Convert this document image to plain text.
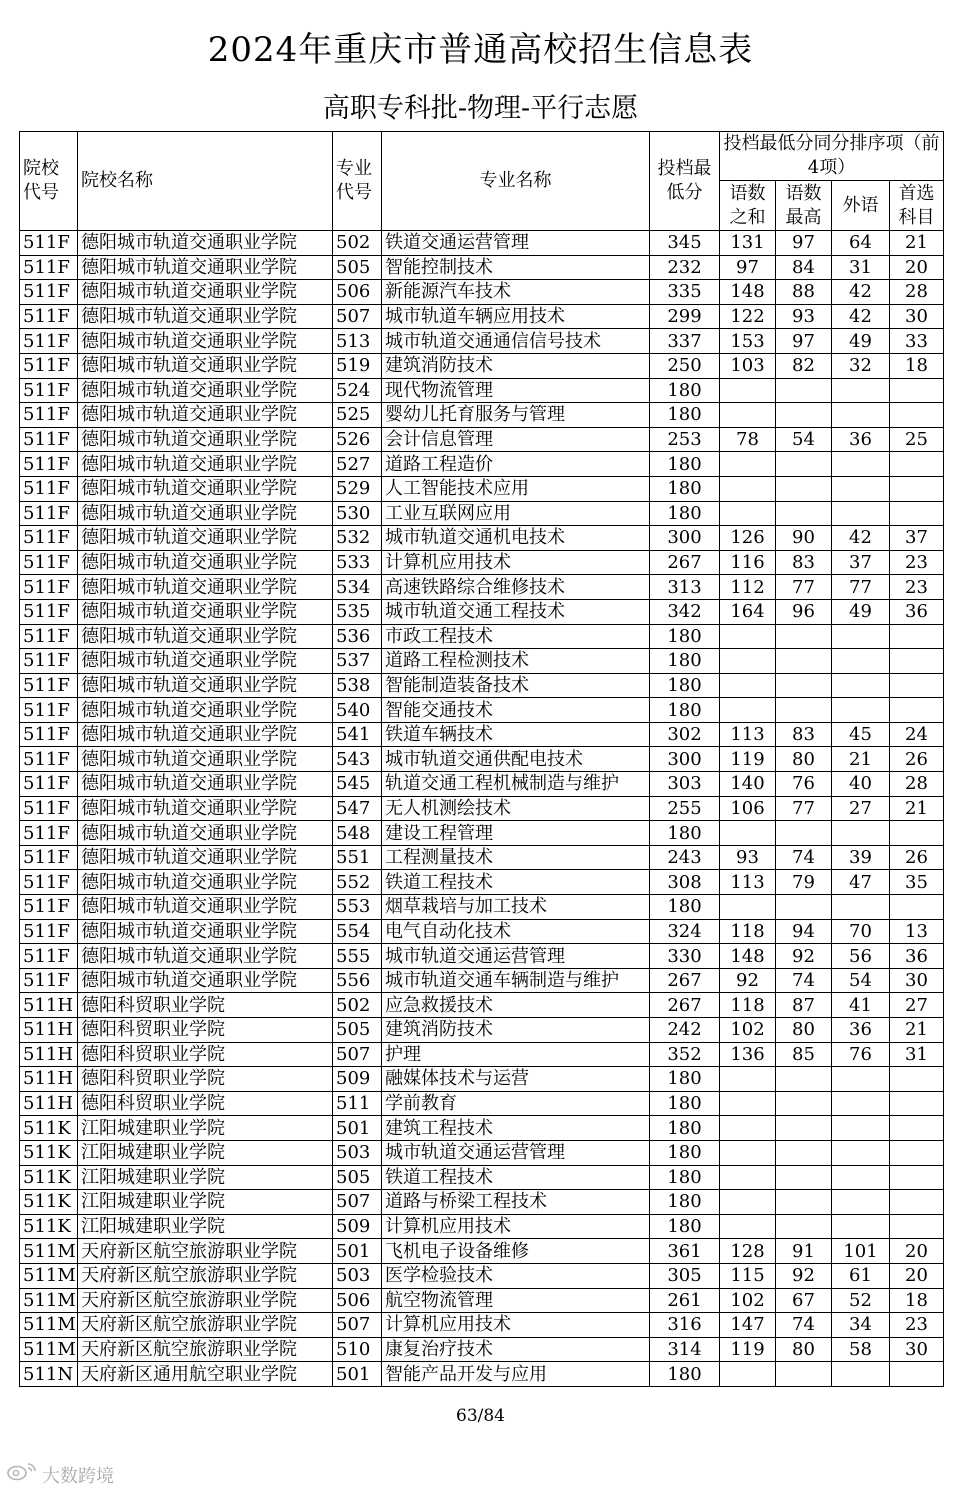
2024年重庆市普通高校招生信息表
高职专科批-物理-平行志愿
院校代号	院校名称	专业代号	专业名称	投档最低分	投档最低分同分排序项（前4项）			
					语数之和	语数最高	外语	首选科目
511F	德阳城市轨道交通职业学院	502	铁道交通运营管理	345	131	97	64	21
511F	德阳城市轨道交通职业学院	505	智能控制技术	232	97	84	31	20
511F	德阳城市轨道交通职业学院	506	新能源汽车技术	335	148	88	42	28
511F	德阳城市轨道交通职业学院	507	城市轨道车辆应用技术	299	122	93	42	30
511F	德阳城市轨道交通职业学院	513	城市轨道交通通信信号技术	337	153	97	49	33
511F	德阳城市轨道交通职业学院	519	建筑消防技术	250	103	82	32	18
511F	德阳城市轨道交通职业学院	524	现代物流管理	180				
511F	德阳城市轨道交通职业学院	525	婴幼儿托育服务与管理	180				
511F	德阳城市轨道交通职业学院	526	会计信息管理	253	78	54	36	25
511F	德阳城市轨道交通职业学院	527	道路工程造价	180				
511F	德阳城市轨道交通职业学院	529	人工智能技术应用	180				
511F	德阳城市轨道交通职业学院	530	工业互联网应用	180				
511F	德阳城市轨道交通职业学院	532	城市轨道交通机电技术	300	126	90	42	37
511F	德阳城市轨道交通职业学院	533	计算机应用技术	267	116	83	37	23
511F	德阳城市轨道交通职业学院	534	高速铁路综合维修技术	313	112	77	77	23
511F	德阳城市轨道交通职业学院	535	城市轨道交通工程技术	342	164	96	49	36
511F	德阳城市轨道交通职业学院	536	市政工程技术	180				
511F	德阳城市轨道交通职业学院	537	道路工程检测技术	180				
511F	德阳城市轨道交通职业学院	538	智能制造装备技术	180				
511F	德阳城市轨道交通职业学院	540	智能交通技术	180				
511F	德阳城市轨道交通职业学院	541	铁道车辆技术	302	113	83	45	24
511F	德阳城市轨道交通职业学院	543	城市轨道交通供配电技术	300	119	80	21	26
511F	德阳城市轨道交通职业学院	545	轨道交通工程机械制造与维护	303	140	76	40	28
511F	德阳城市轨道交通职业学院	547	无人机测绘技术	255	106	77	27	21
511F	德阳城市轨道交通职业学院	548	建设工程管理	180				
511F	德阳城市轨道交通职业学院	551	工程测量技术	243	93	74	39	26
511F	德阳城市轨道交通职业学院	552	铁道工程技术	308	113	79	47	35
511F	德阳城市轨道交通职业学院	553	烟草栽培与加工技术	180				
511F	德阳城市轨道交通职业学院	554	电气自动化技术	324	118	94	70	13
511F	德阳城市轨道交通职业学院	555	城市轨道交通运营管理	330	148	92	56	36
511F	德阳城市轨道交通职业学院	556	城市轨道交通车辆制造与维护	267	92	74	54	30
511H	德阳科贸职业学院	502	应急救援技术	267	118	87	41	27
511H	德阳科贸职业学院	505	建筑消防技术	242	102	80	36	21
511H	德阳科贸职业学院	507	护理	352	136	85	76	31
511H	德阳科贸职业学院	509	融媒体技术与运营	180				
511H	德阳科贸职业学院	511	学前教育	180				
511K	江阳城建职业学院	501	建筑工程技术	180				
511K	江阳城建职业学院	503	城市轨道交通运营管理	180				
511K	江阳城建职业学院	505	铁道工程技术	180				
511K	江阳城建职业学院	507	道路与桥梁工程技术	180				
511K	江阳城建职业学院	509	计算机应用技术	180				
511M	天府新区航空旅游职业学院	501	飞机电子设备维修	361	128	91	101	20
511M	天府新区航空旅游职业学院	503	医学检验技术	305	115	92	61	20
511M	天府新区航空旅游职业学院	506	航空物流管理	261	102	67	52	18
511M	天府新区航空旅游职业学院	507	计算机应用技术	316	147	74	34	23
511M	天府新区航空旅游职业学院	510	康复治疗技术	314	119	80	58	30
511N	天府新区通用航空职业学院	501	智能产品开发与应用	180				
63/84
大数跨境
